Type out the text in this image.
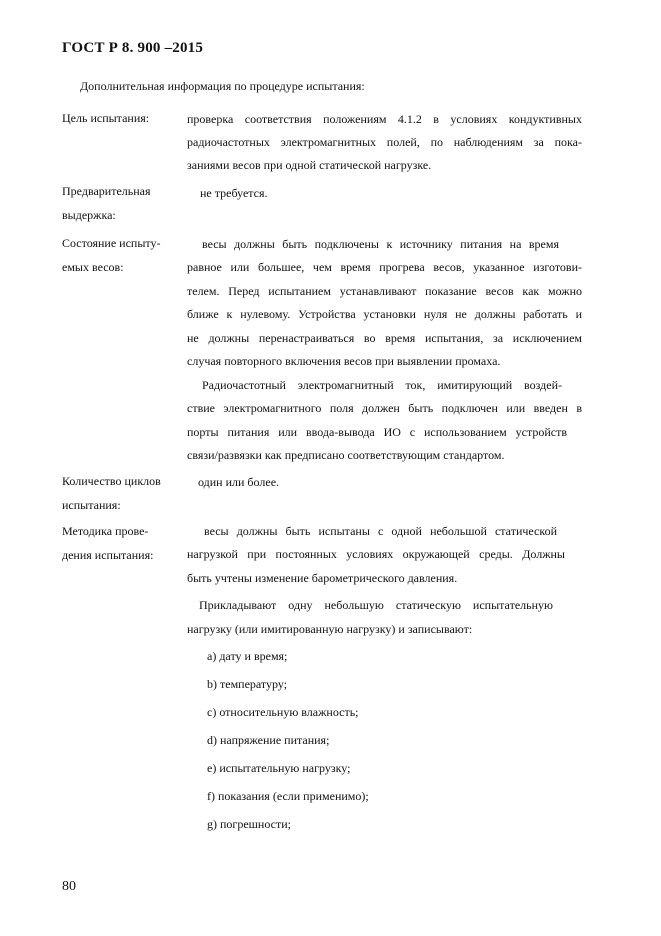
ГОСТ Р 8. 900 –2015
Дополнительная информация по процедуре испытания:
Цель испытания:	проверка соответствия положениям 4.1.2 в условиях кондуктивных
радиочастотных электромагнитных полей, по наблюдениям за пока-
заниями весов при одной статической нагрузке.
Предварительная
выдержка:
не требуется.
Состояние испыту-
емых весов:
весы должны быть подключены к источнику питания на время
равное или большее, чем время прогрева весов, указанное изготови-
телем. Перед испытанием устанавливают показание весов как можно
ближе к нулевому. Устройства установки нуля не должны работать и
не должны перенастраиваться во время испытания, за исключением
случая повторного включения весов при выявлении промаха.
Радиочастотный электромагнитный ток, имитирующий воздей-
ствие электромагнитного поля должен быть подключен или введен в
порты питания или ввода-вывода ИО с использованием устройств
связи/развязки как предписано соответствующим стандартом.
Количество циклов
испытания:
один или более.
Методика прове-
дения испытания:
весы должны быть испытаны с одной небольшой статической
нагрузкой при постоянных условиях окружающей среды. Должны
быть учтены изменение барометрического давления.
Прикладывают одну небольшую статическую испытательную
нагрузку (или имитированную нагрузку) и записывают:
a) дату и время;
b) температуру;
c) относительную влажность;
d) напряжение питания;
e) испытательную нагрузку;
f) показания (если применимо);
g) погрешности;
80
